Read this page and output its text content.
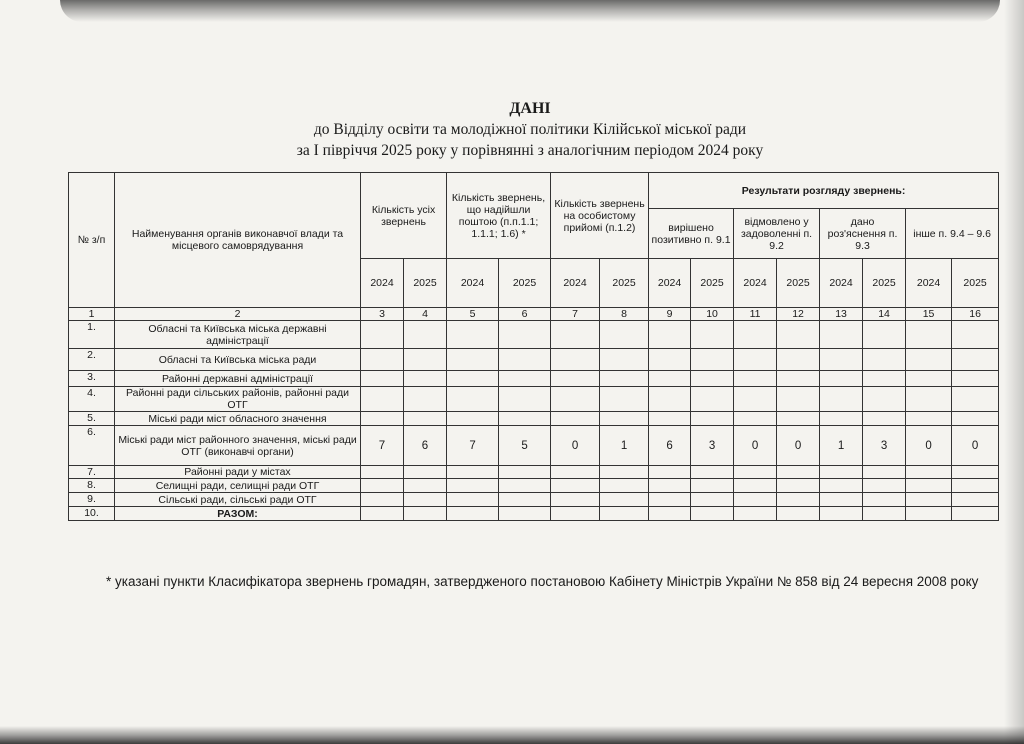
ДАНІ
до Відділу освіти та молодіжної політики Кілійської міської ради
за І півріччя 2025 року у порівнянні з аналогічним періодом 2024 року
№ з/п	Найменування органів виконавчої влади та місцевого самоврядування	Кількість усіх звернень		Кількість звернень, що надійшли поштою (п.п.1.1; 1.1.1; 1.6) *		Кількість звернень на особистому прийомі (п.1.2)		Результати розгляду звернень:							
								вирішено позитивно п. 9.1		відмовлено у задоволенні п. 9.2		дано роз'яснення п. 9.3		інше п. 9.4 – 9.6	
		2024	2025	2024	2025	2024	2025	2024	2025	2024	2025	2024	2025	2024	2025
1	2	3	4	5	6	7	8	9	10	11	12	13	14	15	16
1.	Обласні та Київська міська державні адміністрації														
2.	Обласні та Київська міська ради														
3.	Районні державні адміністрації														
4.	Районні ради сільських районів, районні ради ОТГ														
5.	Міські ради міст обласного значення														
6.	Міські ради міст районного значення, міські ради ОТГ (виконавчі органи)	7	6	7	5	0	1	6	3	0	0	1	3	0	0
7.	Районні ради у містах														
8.	Селищні ради, селищні ради ОТГ														
9.	Сільські ради, сільські ради ОТГ														
10.	РАЗОМ:														
* указані пункти Класифікатора звернень громадян, затвердженого постановою Кабінету Міністрів України № 858 від 24 вересня 2008 року
